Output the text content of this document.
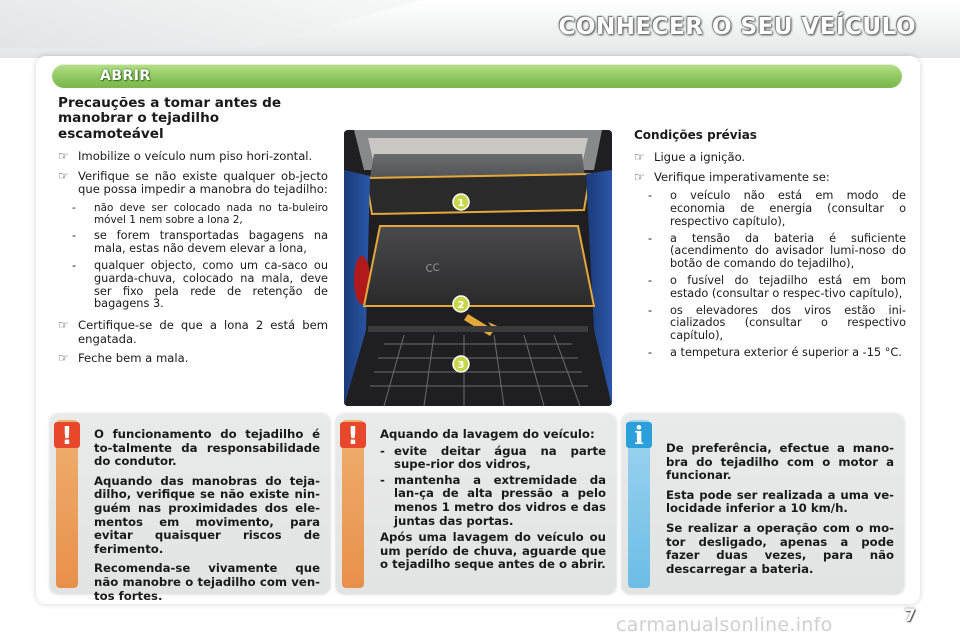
CONHECER O SEU VEÍCULO
ABRIR
Precauções a tomar antes de manobrar o tejadilho escamoteável
☞ Imobilize o veículo num piso hori-zontal.
☞ Verifique se não existe qualquer ob-jecto que possa impedir a manobra do tejadilho:
- não deve ser colocado nada no ta-buleiro móvel 1 nem sobre a lona 2,
- se forem transportadas bagagens na mala, estas não devem elevar a lona,
- qualquer objecto, como um ca-saco ou guarda-chuva, colocado na mala, deve ser fixo pela rede de retenção de bagagens 3.
☞ Certifique-se de que a lona 2 está bem engatada.
☞ Feche bem a mala.
CC
1
2
3
Condições prévias
☞ Ligue a ignição.
☞ Verifique imperativamente se:
- o veículo não está em modo de economia de energia (consultar o respectivo capítulo),
- a tensão da bateria é suficiente (acendimento do avisador lumi-noso do botão de comando do tejadilho),
- o fusível do tejadilho está em bom estado (consultar o respec-tivo capítulo),
- os elevadores dos viros estão ini-cializados (consultar o respectivo capítulo),
- a tempetura exterior é superior a -15 °C.
!	O funcionamento do tejadilho é to-talmente da responsabilidade do condutor.

Aquando das manobras do teja-dilho, verifique se não existe nin-guém nas proximidades dos ele-mentos em movimento, para evitar quaisquer riscos de ferimento.

Recomenda-se vivamente que não manobre o tejadilho com ven-tos fortes.

!	Aquando da lavagem do veículo:

- evite deitar água na parte supe-rior dos vidros,
- mantenha a extremidade da lan-ça de alta pressão a pelo menos 1 metro dos vidros e das juntas das portas.

Após uma lavagem do veículo ou um perído de chuva, aguarde que o tejadilho seque antes de o abrir.

i	De preferência, efectue a mano-bra do tejadilho com o motor a funcionar.

Esta pode ser realizada a uma ve-locidade inferior a 10 km/h.

Se realizar a operação com o mo-tor desligado, apenas a pode fazer duas vezes, para não descarregar a bateria.

carmanualsonline.info	7
